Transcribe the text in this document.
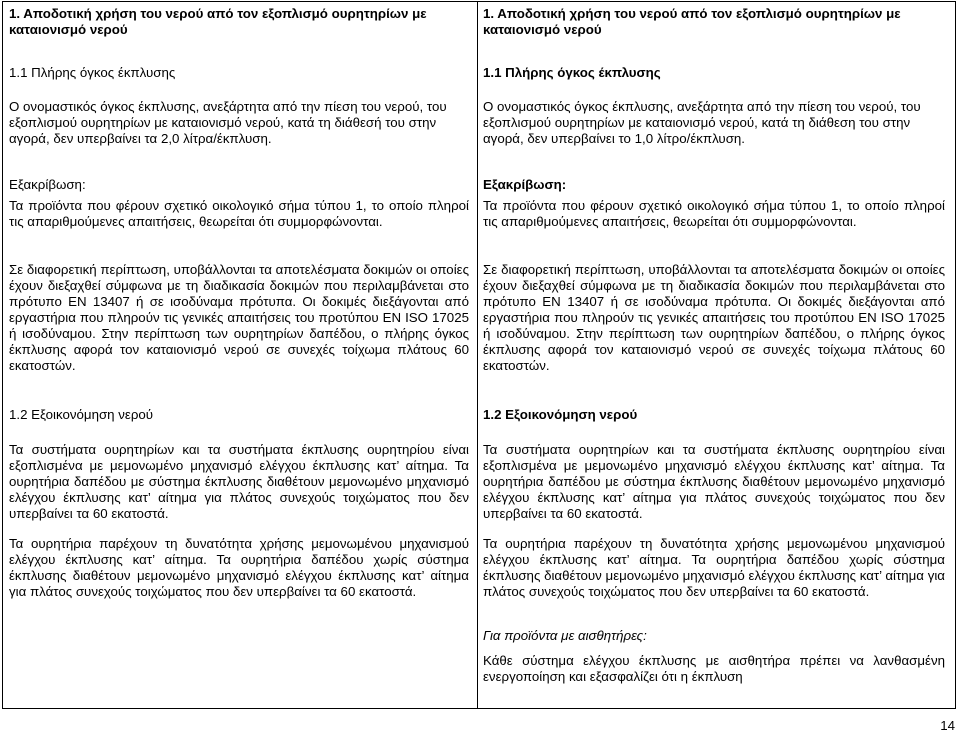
1. Αποδοτική χρήση του νερού από τον εξοπλισμό ουρητηρίων με καταιονισμό νερού

1.1 Πλήρης όγκος έκπλυσης

Ο ονομαστικός όγκος έκπλυσης, ανεξάρτητα από την πίεση του νερού, του εξοπλισμού ουρητηρίων με καταιονισμό νερού, κατά τη διάθεσή του στην αγορά, δεν υπερβαίνει τα 2,0 λίτρα/έκπλυση.

Εξακρίβωση:

Τα προϊόντα που φέρουν σχετικό οικολογικό σήμα τύπου 1, το οποίο πληροί τις απαριθμούμενες απαιτήσεις, θεωρείται ότι συμμορφώνονται.

Σε διαφορετική περίπτωση, υποβάλλονται τα αποτελέσματα δοκιμών οι οποίες έχουν διεξαχθεί σύμφωνα με τη διαδικασία δοκιμών που περιλαμβάνεται στο πρότυπο EN 13407 ή σε ισοδύναμα πρότυπα. Οι δοκιμές διεξάγονται από εργαστήρια που πληρούν τις γενικές απαιτήσεις του προτύπου EN ISO 17025 ή ισοδύναμου. Στην περίπτωση των ουρητηρίων δαπέδου, ο πλήρης όγκος έκπλυσης αφορά τον καταιονισμό νερού σε συνεχές τοίχωμα πλάτους 60 εκατοστών.

1.2 Εξοικονόμηση νερού

Τα συστήματα ουρητηρίων και τα συστήματα έκπλυσης ουρητηρίου είναι εξοπλισμένα με μεμονωμένο μηχανισμό ελέγχου έκπλυσης κατ’ αίτημα. Τα ουρητήρια δαπέδου με σύστημα έκπλυσης διαθέτουν μεμονωμένο μηχανισμό ελέγχου έκπλυσης κατ’ αίτημα για πλάτος συνεχούς τοιχώματος που δεν υπερβαίνει τα 60 εκατοστά.

Τα ουρητήρια παρέχουν τη δυνατότητα χρήσης μεμονωμένου μηχανισμού ελέγχου έκπλυσης κατ’ αίτημα. Τα ουρητήρια δαπέδου χωρίς σύστημα έκπλυσης διαθέτουν μεμονωμένο μηχανισμό ελέγχου έκπλυσης κατ’ αίτημα για πλάτος συνεχούς τοιχώματος που δεν υπερβαίνει τα 60 εκατοστά.

1. Αποδοτική χρήση του νερού από τον εξοπλισμό ουρητηρίων με καταιονισμό νερού

1.1 Πλήρης όγκος έκπλυσης

Ο ονομαστικός όγκος έκπλυσης, ανεξάρτητα από την πίεση του νερού, του εξοπλισμού ουρητηρίων με καταιονισμό νερού, κατά τη διάθεση του στην αγορά, δεν υπερβαίνει το 1,0 λίτρο/έκπλυση.

Εξακρίβωση:

Τα προϊόντα που φέρουν σχετικό οικολογικό σήμα τύπου 1, το οποίο πληροί τις απαριθμούμενες απαιτήσεις, θεωρείται ότι συμμορφώνονται.

Σε διαφορετική περίπτωση, υποβάλλονται τα αποτελέσματα δοκιμών οι οποίες έχουν διεξαχθεί σύμφωνα με τη διαδικασία δοκιμών που περιλαμβάνεται στο πρότυπο EN 13407 ή σε ισοδύναμα πρότυπα. Οι δοκιμές διεξάγονται από εργαστήρια που πληρούν τις γενικές απαιτήσεις του προτύπου EN ISO 17025 ή ισοδύναμου. Στην περίπτωση των ουρητηρίων δαπέδου, ο πλήρης όγκος έκπλυσης αφορά τον καταιονισμό νερού σε συνεχές τοίχωμα πλάτους 60 εκατοστών.

1.2 Εξοικονόμηση νερού

Τα συστήματα ουρητηρίων και τα συστήματα έκπλυσης ουρητηρίου είναι εξοπλισμένα με μεμονωμένο μηχανισμό ελέγχου έκπλυσης κατ’ αίτημα. Τα ουρητήρια δαπέδου με σύστημα έκπλυσης διαθέτουν μεμονωμένο μηχανισμό ελέγχου έκπλυσης κατ’ αίτημα για πλάτος συνεχούς τοιχώματος που δεν υπερβαίνει τα 60 εκατοστά.

Τα ουρητήρια παρέχουν τη δυνατότητα χρήσης μεμονωμένου μηχανισμού ελέγχου έκπλυσης κατ’ αίτημα. Τα ουρητήρια δαπέδου χωρίς σύστημα έκπλυσης διαθέτουν μεμονωμένο μηχανισμό ελέγχου έκπλυσης κατ’ αίτημα για πλάτος συνεχούς τοιχώματος που δεν υπερβαίνει τα 60 εκατοστά.

Για προϊόντα με αισθητήρες:

Κάθε σύστημα ελέγχου έκπλυσης με αισθητήρα πρέπει να λανθασμένη ενεργοποίηση και εξασφαλίζει ότι η έκπλυση

14
